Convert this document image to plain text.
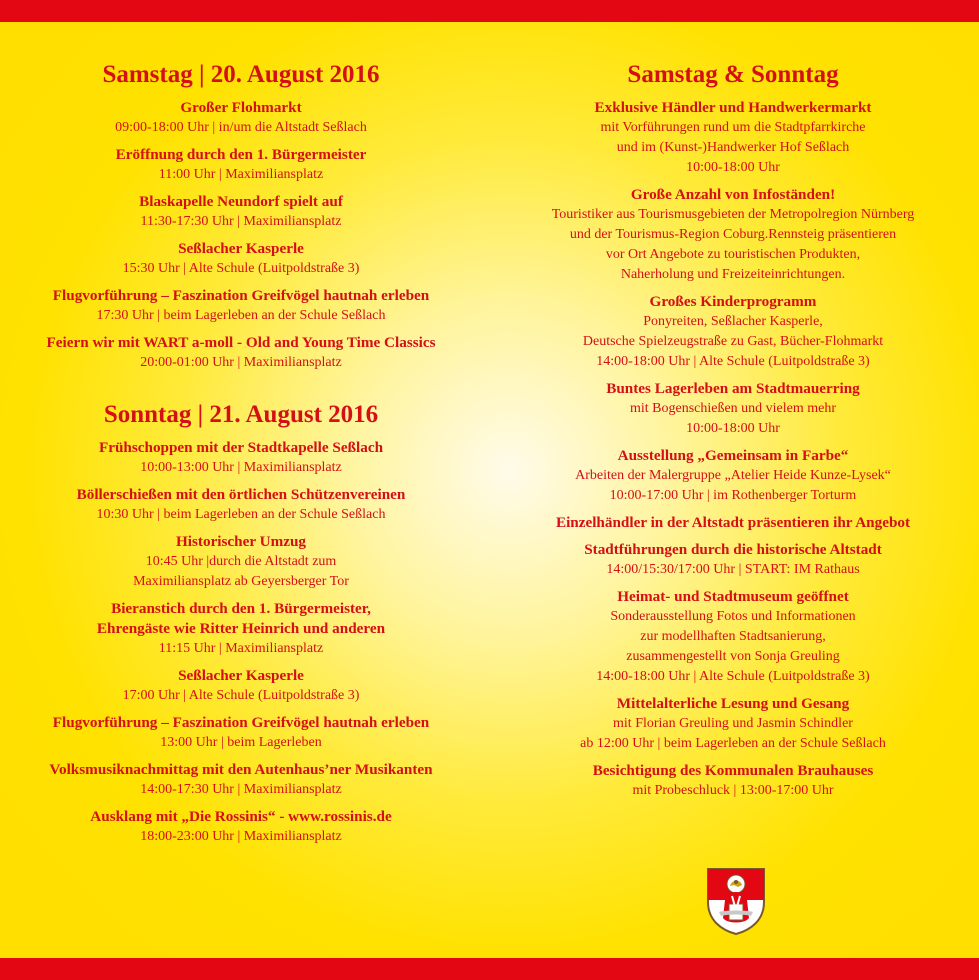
Samstag | 20. August 2016
Großer Flohmarkt
09:00-18:00 Uhr | in/um die Altstadt Seßlach
Eröffnung durch den 1. Bürgermeister
11:00 Uhr | Maximiliansplatz
Blaskapelle Neundorf spielt auf
11:30-17:30 Uhr | Maximiliansplatz
Seßlacher Kasperle
15:30 Uhr | Alte Schule (Luitpoldstraße 3)
Flugvorführung – Faszination Greifvögel hautnah erleben
17:30 Uhr | beim Lagerleben an der Schule Seßlach
Feiern wir mit WART a-moll - Old and Young Time Classics
20:00-01:00 Uhr | Maximiliansplatz
Sonntag | 21. August 2016
Frühschoppen mit der Stadtkapelle Seßlach
10:00-13:00 Uhr | Maximiliansplatz
Böllerschießen mit den örtlichen Schützenvereinen
10:30 Uhr | beim Lagerleben an der Schule Seßlach
Historischer Umzug
10:45 Uhr |durch die Altstadt zum
Maximiliansplatz ab Geyersberger Tor
Bieranstich durch den 1. Bürgermeister,
Ehrengäste wie Ritter Heinrich und anderen
11:15 Uhr | Maximiliansplatz
Seßlacher Kasperle
17:00 Uhr | Alte Schule (Luitpoldstraße 3)
Flugvorführung – Faszination Greifvögel hautnah erleben
13:00 Uhr | beim Lagerleben
Volksmusiknachmittag mit den Autenhaus’ner Musikanten
14:00-17:30 Uhr | Maximiliansplatz
Ausklang mit „Die Rossinis“ - www.rossinis.de
18:00-23:00 Uhr | Maximiliansplatz
Samstag & Sonntag
Exklusive Händler und Handwerkermarkt
mit Vorführungen rund um die Stadtpfarrkirche
und im (Kunst-)Handwerker Hof Seßlach
10:00-18:00 Uhr
Große Anzahl von Infoständen!
Touristiker aus Tourismusgebieten der Metropolregion Nürnberg
und der Tourismus-Region Coburg.Rennsteig präsentieren
vor Ort Angebote zu touristischen Produkten,
Naherholung und Freizeiteinrichtungen.
Großes Kinderprogramm
Ponyreiten, Seßlacher Kasperle,
Deutsche Spielzeugstraße zu Gast, Bücher-Flohmarkt
14:00-18:00 Uhr | Alte Schule (Luitpoldstraße 3)
Buntes Lagerleben am Stadtmauerring
mit Bogenschießen und vielem mehr
10:00-18:00 Uhr
Ausstellung „Gemeinsam in Farbe“
Arbeiten der Malergruppe „Atelier Heide Kunze-Lysek“
10:00-17:00 Uhr | im Rothenberger Torturm
Einzelhändler in der Altstadt präsentieren ihr Angebot
Stadtführungen durch die historische Altstadt
14:00/15:30/17:00 Uhr | START: IM Rathaus
Heimat- und Stadtmuseum geöffnet
Sonderausstellung Fotos und Informationen
zur modellhaften Stadtsanierung,
zusammengestellt von Sonja Greuling
14:00-18:00 Uhr | Alte Schule (Luitpoldstraße 3)
Mittelalterliche Lesung und Gesang
mit Florian Greuling und Jasmin Schindler
ab 12:00 Uhr | beim Lagerleben an der Schule Seßlach
Besichtigung des Kommunalen Brauhauses
mit Probeschluck | 13:00-17:00 Uhr
